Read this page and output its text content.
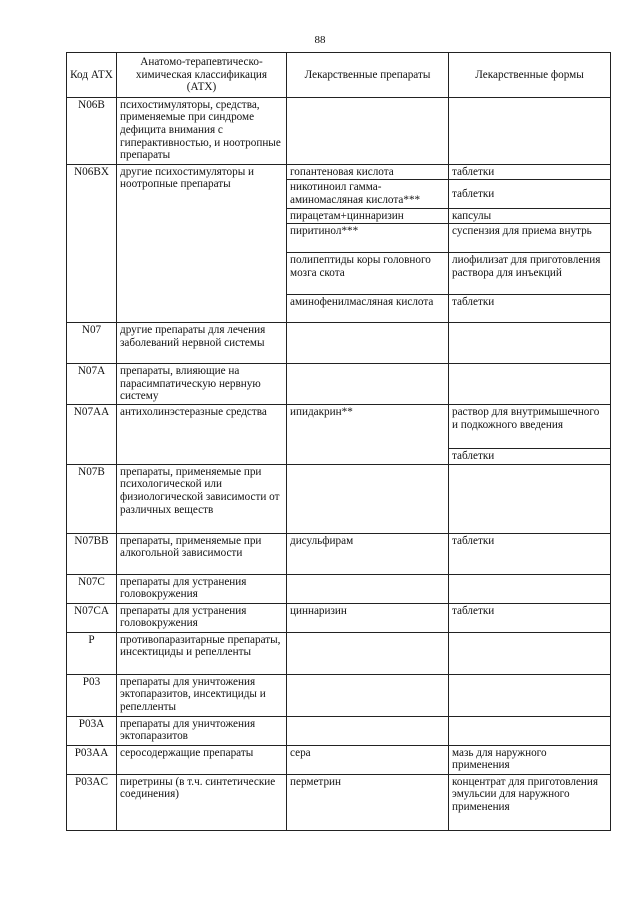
88
Код АТХ	Анатомо-терапевтическо-химическая классификация (АТХ)	Лекарственные препараты	Лекарственные формы
N06B	психостимуляторы, средства, применяемые при синдроме дефицита внимания с гиперактивностью, и ноотропные препараты		
N06BX	другие психостимуляторы и ноотропные препараты	гопантеновая кислота	таблетки
		никотиноил гамма-аминомасляная кислота***	таблетки
		пирацетам+циннаризин	капсулы
		пиритинол***	суспензия для приема внутрь
		полипептиды коры головного мозга скота	лиофилизат для приготовления раствора для инъекций
		аминофенилмасляная кислота	таблетки
N07	другие препараты для лечения заболеваний нервной системы		
N07A	препараты, влияющие на парасимпатическую нервную систему		
N07AA	антихолинэстеразные средства	ипидакрин**	раствор для внутримышечного и подкожного введения
			таблетки
N07B	препараты, применяемые при психологической или физиологической зависимости от различных веществ		
N07BB	препараты, применяемые при алкогольной зависимости	дисульфирам	таблетки
N07C	препараты для устранения головокружения		
N07CA	препараты для устранения головокружения	циннаризин	таблетки
P	противопаразитарные препараты, инсектициды и репелленты		
P03	препараты для уничтожения эктопаразитов, инсектициды и репелленты		
P03A	препараты для уничтожения эктопаразитов		
P03AA	серосодержащие препараты	сера	мазь для наружного применения
P03AC	пиретрины (в т.ч. синтетические соединения)	перметрин	концентрат для приготовления эмульсии для наружного применения
